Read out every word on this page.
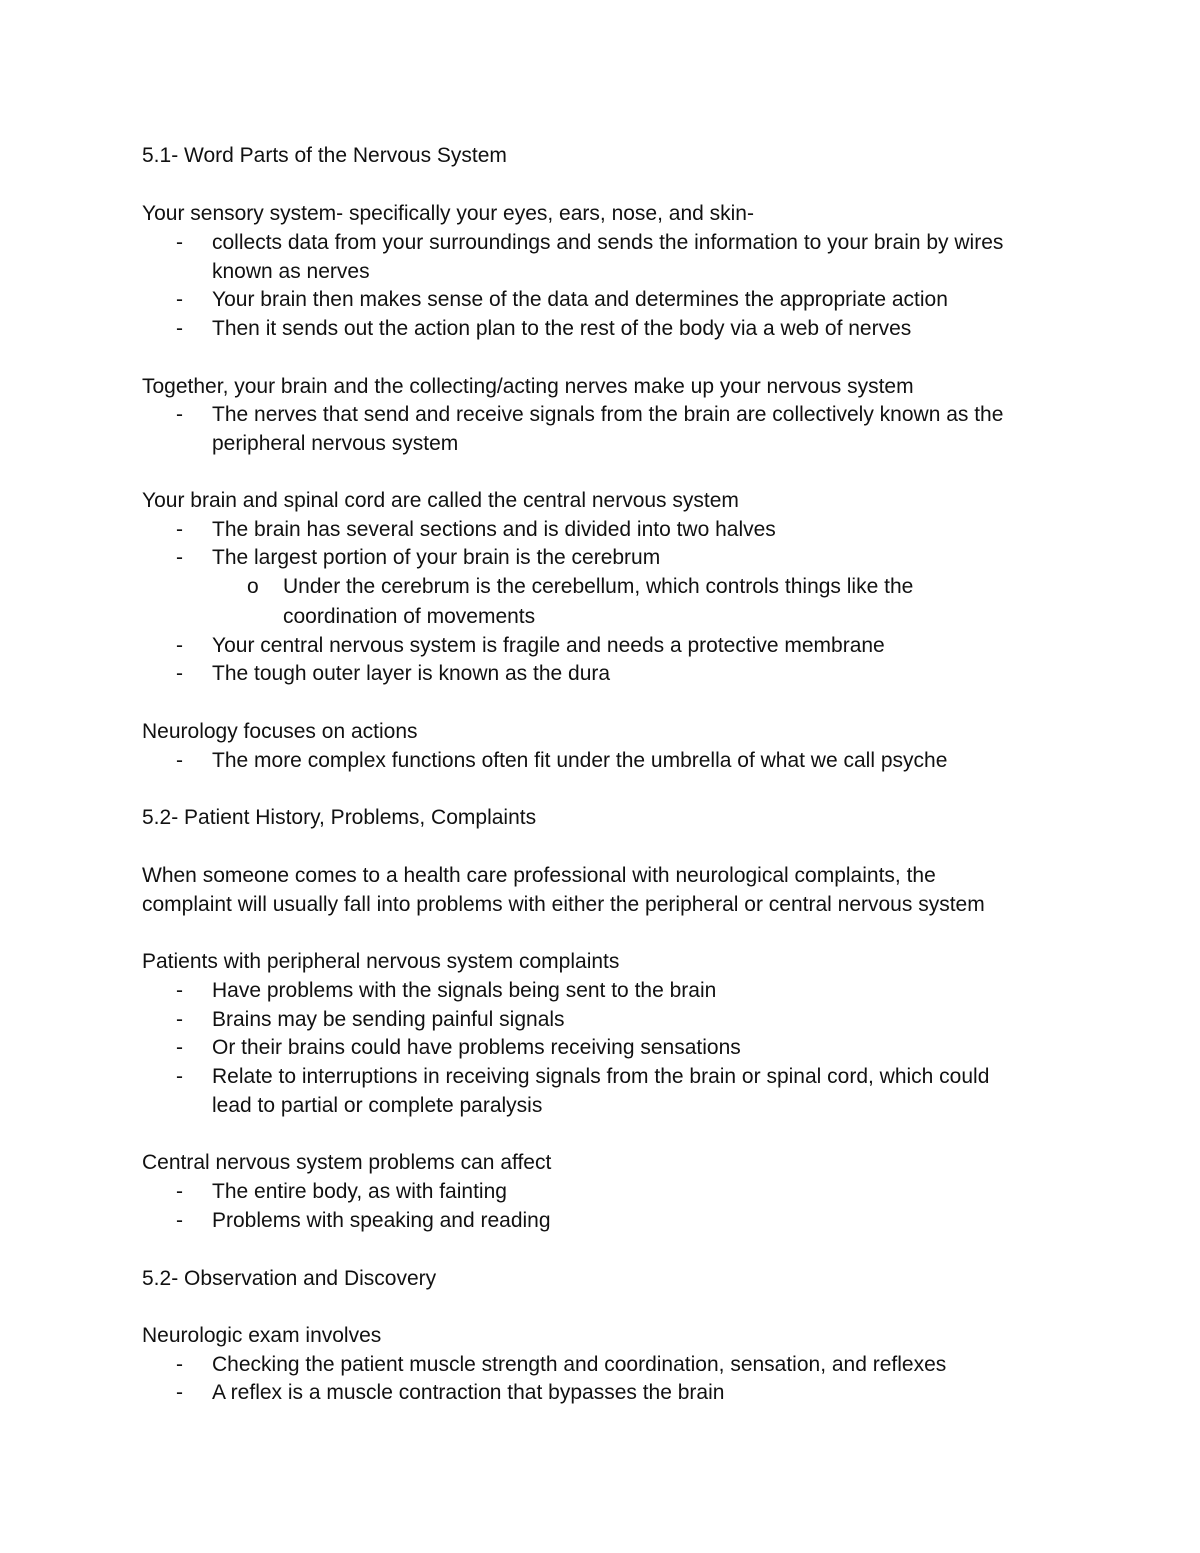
5.1- Word Parts of the Nervous System

Your sensory system- specifically your eyes, ears, nose, and skin-

- collects data from your surroundings and sends the information to your brain by wires

known as nerves

- Your brain then makes sense of the data and determines the appropriate action

- Then it sends out the action plan to the rest of the body via a web of nerves

Together, your brain and the collecting/acting nerves make up your nervous system

- The nerves that send and receive signals from the brain are collectively known as the

peripheral nervous system

Your brain and spinal cord are called the central nervous system

- The brain has several sections and is divided into two halves

- The largest portion of your brain is the cerebrum

o Under the cerebrum is the cerebellum, which controls things like the

coordination of movements

- Your central nervous system is fragile and needs a protective membrane

- The tough outer layer is known as the dura

Neurology focuses on actions

- The more complex functions often fit under the umbrella of what we call psyche

5.2- Patient History, Problems, Complaints

When someone comes to a health care professional with neurological complaints, the

complaint will usually fall into problems with either the peripheral or central nervous system

Patients with peripheral nervous system complaints

- Have problems with the signals being sent to the brain

- Brains may be sending painful signals

- Or their brains could have problems receiving sensations

- Relate to interruptions in receiving signals from the brain or spinal cord, which could

lead to partial or complete paralysis

Central nervous system problems can affect

- The entire body, as with fainting

- Problems with speaking and reading

5.2- Observation and Discovery

Neurologic exam involves

- Checking the patient muscle strength and coordination, sensation, and reflexes

- A reflex is a muscle contraction that bypasses the brain
